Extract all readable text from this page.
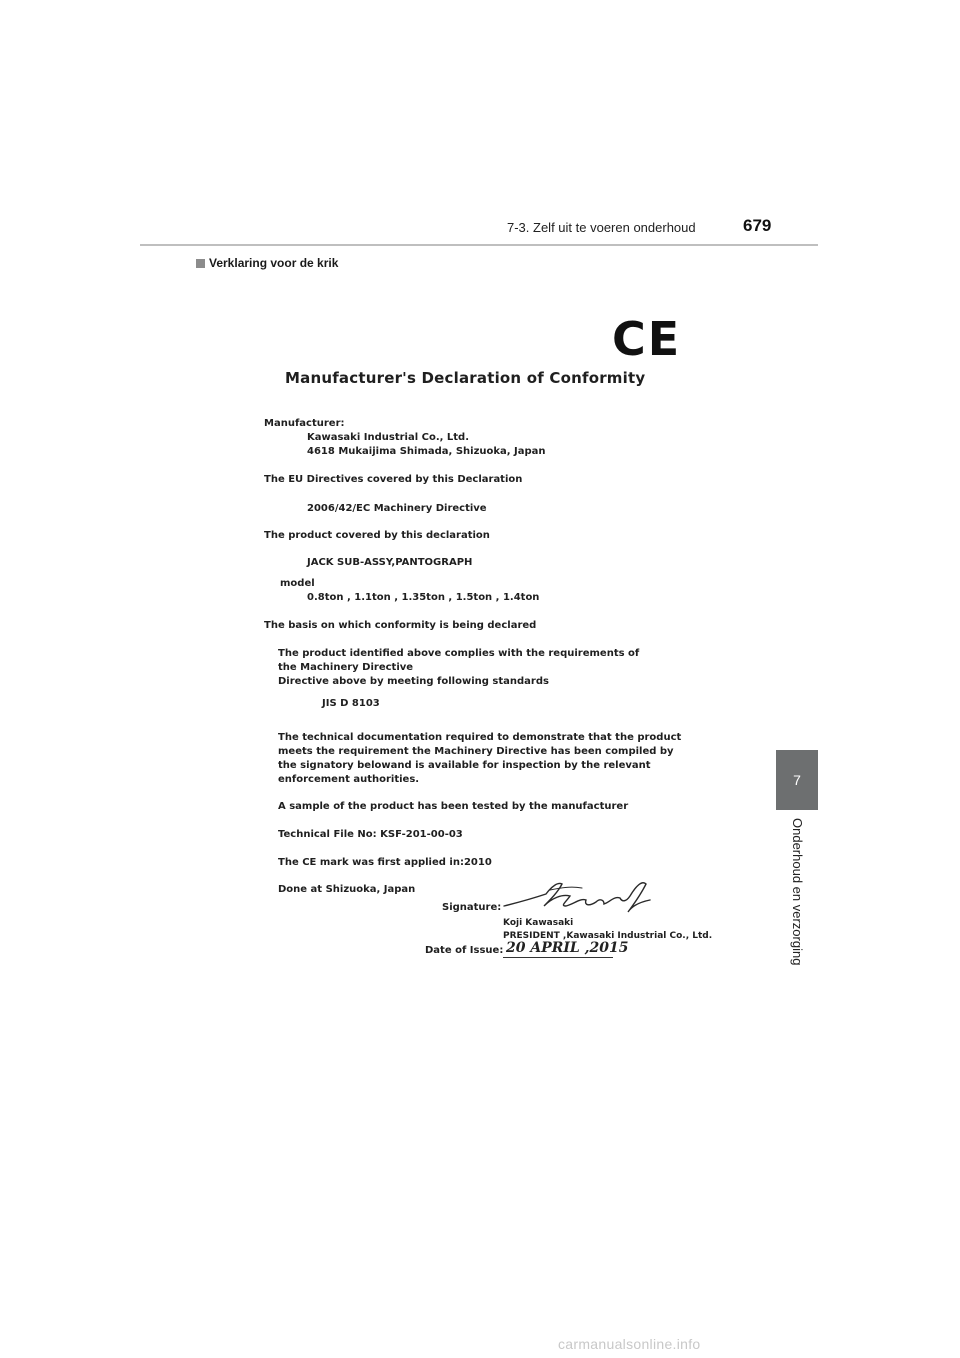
7-3. Zelf uit te voeren onderhoud	679
Verklaring voor de krik
7
Onderhoud en verzorging
CE
Manufacturer's Declaration of Conformity
Manufacturer:
Kawasaki Industrial Co., Ltd.
4618 Mukaijima Shimada, Shizuoka, Japan
The EU Directives covered by this Declaration
2006/42/EC Machinery Directive
The product covered by this declaration
JACK SUB-ASSY,PANTOGRAPH
model
0.8ton , 1.1ton , 1.35ton , 1.5ton , 1.4ton
The basis on which conformity is being declared
The product identified above complies with the requirements of
the Machinery Directive
Directive above by meeting following standards
JIS D 8103
The technical documentation required to demonstrate that the product
meets the requirement the Machinery Directive has been compiled by
the signatory belowand is available for inspection by the relevant
enforcement authorities.
A sample of the product has been tested by the manufacturer
Technical File No: KSF-201-00-03
The CE mark was first applied in:2010
Done at Shizuoka, Japan
Signature:
Koji Kawasaki
PRESIDENT ,Kawasaki Industrial Co., Ltd.
Date of Issue: 20 APRIL ,2015
carmanualsonline.info
